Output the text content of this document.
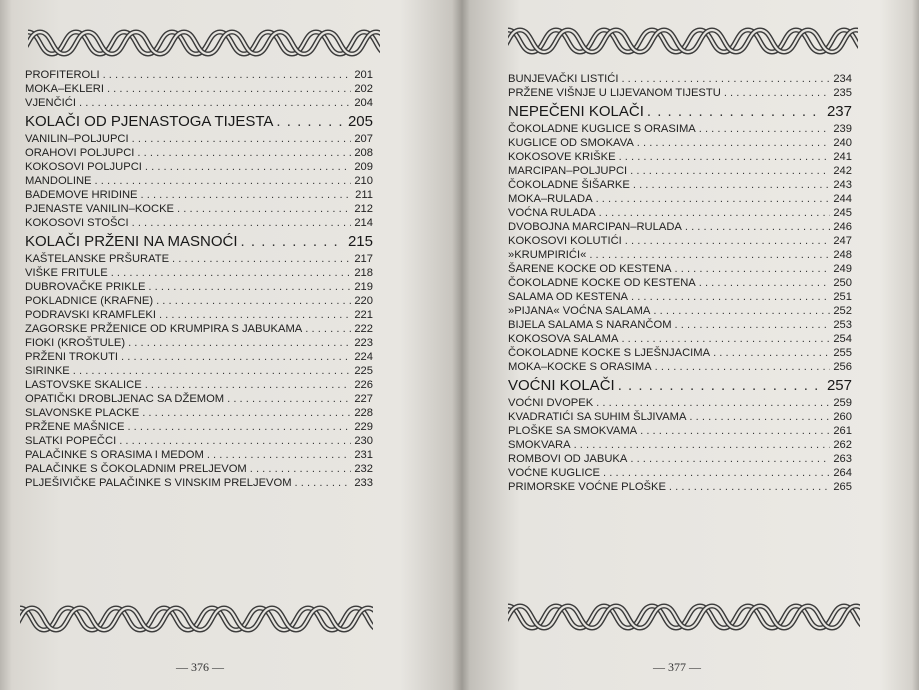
PROFITEROLI . . .	201
MOKA–EKLERI . . .	202
VJENČIĆI . . .	204
KOLAČI OD PJENASTOGA TIJESTA . . .	205
VANILIN–POLJUPCI . . .	207
ORAHOVI POLJUPCI . . .	208
KOKOSOVI POLJUPCI . . .	209
MANDOLINE . . .	210
BADEMOVE HRIDINE . . .	211
PJENASTE VANILIN–KOCKE . . .	212
KOKOSOVI STOŠCI . . .	214
KOLAČI PRŽENI NA MASNOĆI . . .	215
KAŠTELANSKE PRŠURATE . . .	217
VIŠKE FRITULE . . .	218
DUBROVAČKE PRIKLE . . .	219
POKLADNICE (KRAFNE) . . .	220
PODRAVSKI KRAMFLEKI . . .	221
ZAGORSKE PRŽENICE OD KRUMPIRA S JABUKAMA . . .	222
FIOKI (KROŠTULE) . . .	223
PRŽENI TROKUTI . . .	224
SIRINKE . . .	225
LASTOVSKE SKALICE . . .	226
OPATIČKI DROBLJENAC SA DŽEMOM . . .	227
SLAVONSKE PLACKE . . .	228
PRŽENE MAŠNICE . . .	229
SLATKI POPEČCI . . .	230
PALAČINKE S ORASIMA I MEDOM . . .	231
PALAČINKE S ČOKOLADNIM PRELJEVOM . . .	232
PLJEŠIVIČKE PALAČINKE S VINSKIM PRELJEVOM . . .	233
— 376 —
BUNJEVAČKI LISTIĆI . . .	234
PRŽENE VIŠNJE U LIJEVANOM TIJESTU . . .	235
NEPEČENI KOLAČI . . .	237
ČOKOLADNE KUGLICE S ORASIMA . . .	239
KUGLICE OD SMOKAVA . . .	240
KOKOSOVE KRIŠKE . . .	241
MARCIPAN–POLJUPCI . . .	242
ČOKOLADNE ŠIŠARKE . . .	243
MOKA–RULADA . . .	244
VOĆNA RULADA . . .	245
DVOBOJNA MARCIPAN–RULADA . . .	246
KOKOSOVI KOLUTIĆI . . .	247
»KRUMPIRIĆI« . . .	248
ŠARENE KOCKE OD KESTENA . . .	249
ČOKOLADNE KOCKE OD KESTENA . . .	250
SALAMA OD KESTENA . . .	251
»PIJANA« VOĆNA SALAMA . . .	252
BIJELA SALAMA S NARANČOM . . .	253
KOKOSOVA SALAMA . . .	254
ČOKOLADNE KOCKE S LJEŠNJACIMA . . .	255
MOKA–KOCKE S ORASIMA . . .	256
VOĆNI KOLAČI . . .	257
VOĆNI DVOPEK . . .	259
KVADRATIĆI SA SUHIM ŠLJIVAMA . . .	260
PLOŠKE SA SMOKVAMA . . .	261
SMOKVARA . . .	262
ROMBOVI OD JABUKA . . .	263
VOĆNE KUGLICE . . .	264
PRIMORSKE VOĆNE PLOŠKE . . .	265
— 377 —
